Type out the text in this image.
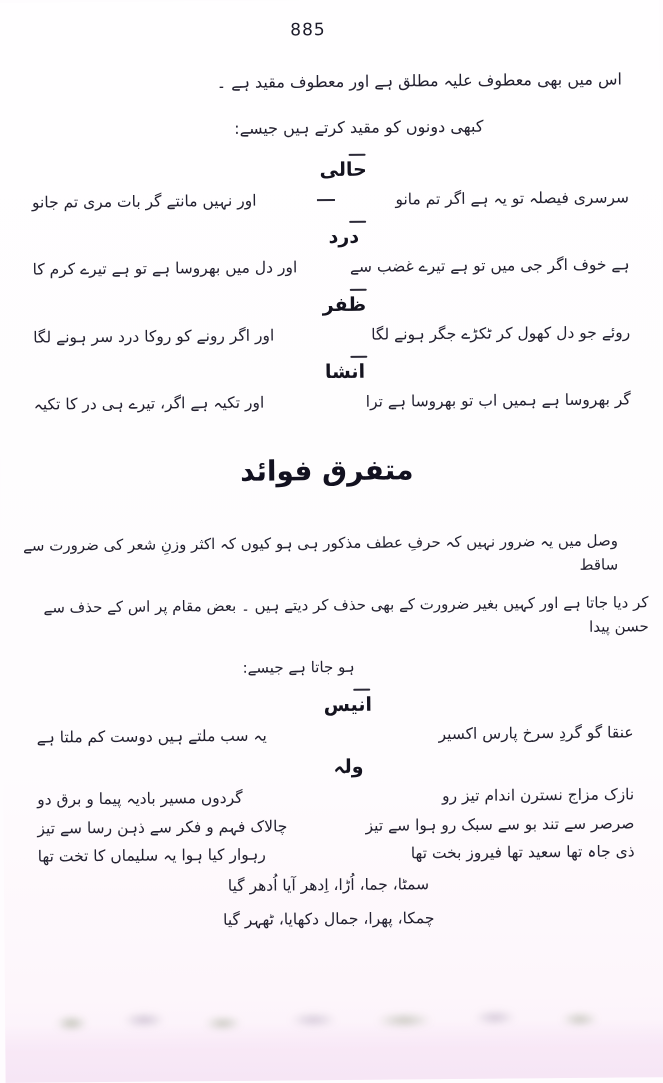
885

اس میں بھی معطوف علیہ مطلق ہے اور معطوف مقید ہے ۔

کبھی دونوں کو مقید کرتے ہیں جیسے:

حالی
سرسری فیصلہ تو یہ ہے اگر تم مانو
اور نہیں مانتے گر بات مری تم جانو
درد
ہے خوف اگر جی میں تو ہے تیرے غضب سے
اور دل میں بھروسا ہے تو ہے تیرے کرم کا
ظفر
روئے جو دل کھول کر ٹکڑے جگر ہونے لگا
اور اگر رونے کو روکا درد سر ہونے لگا
انشا
گر بھروسا ہے ہمیں اب تو بھروسا ہے ترا
اور تکیہ ہے اگر، تیرے ہی در کا تکیہ
متفرق فوائد

وصل میں یہ ضرور نہیں کہ حرفِ عطف مذکور ہی ہو کیوں کہ اکثر وزنِ شعر کی ضرورت سے ساقط

کر دیا جاتا ہے اور کہیں بغیر ضرورت کے بھی حذف کر دیتے ہیں ۔ بعض مقام پر اس کے حذف سے حسن پیدا

ہو جاتا ہے جیسے:

انیس
عنقا گو گردِ سرخ پارس اکسیر
یہ سب ملتے ہیں دوست کم ملتا ہے
ولہ
نازک مزاج نسترن اندام تیز رو
گردوں مسیر بادیہ پیما و برق دو
صرصر سے تند بو سے سبک رو ہوا سے تیز
چالاک فہم و فکر سے ذہن رسا سے تیز
ذی جاہ تھا سعید تھا فیروز بخت تھا
رہوار کیا ہوا یہ سلیماں کا تخت تھا

سمٹا، جما، اُڑا، اِدھر آیا اُدھر گیا

چمکا، پھرا، جمال دکھایا، ٹھہر گیا
